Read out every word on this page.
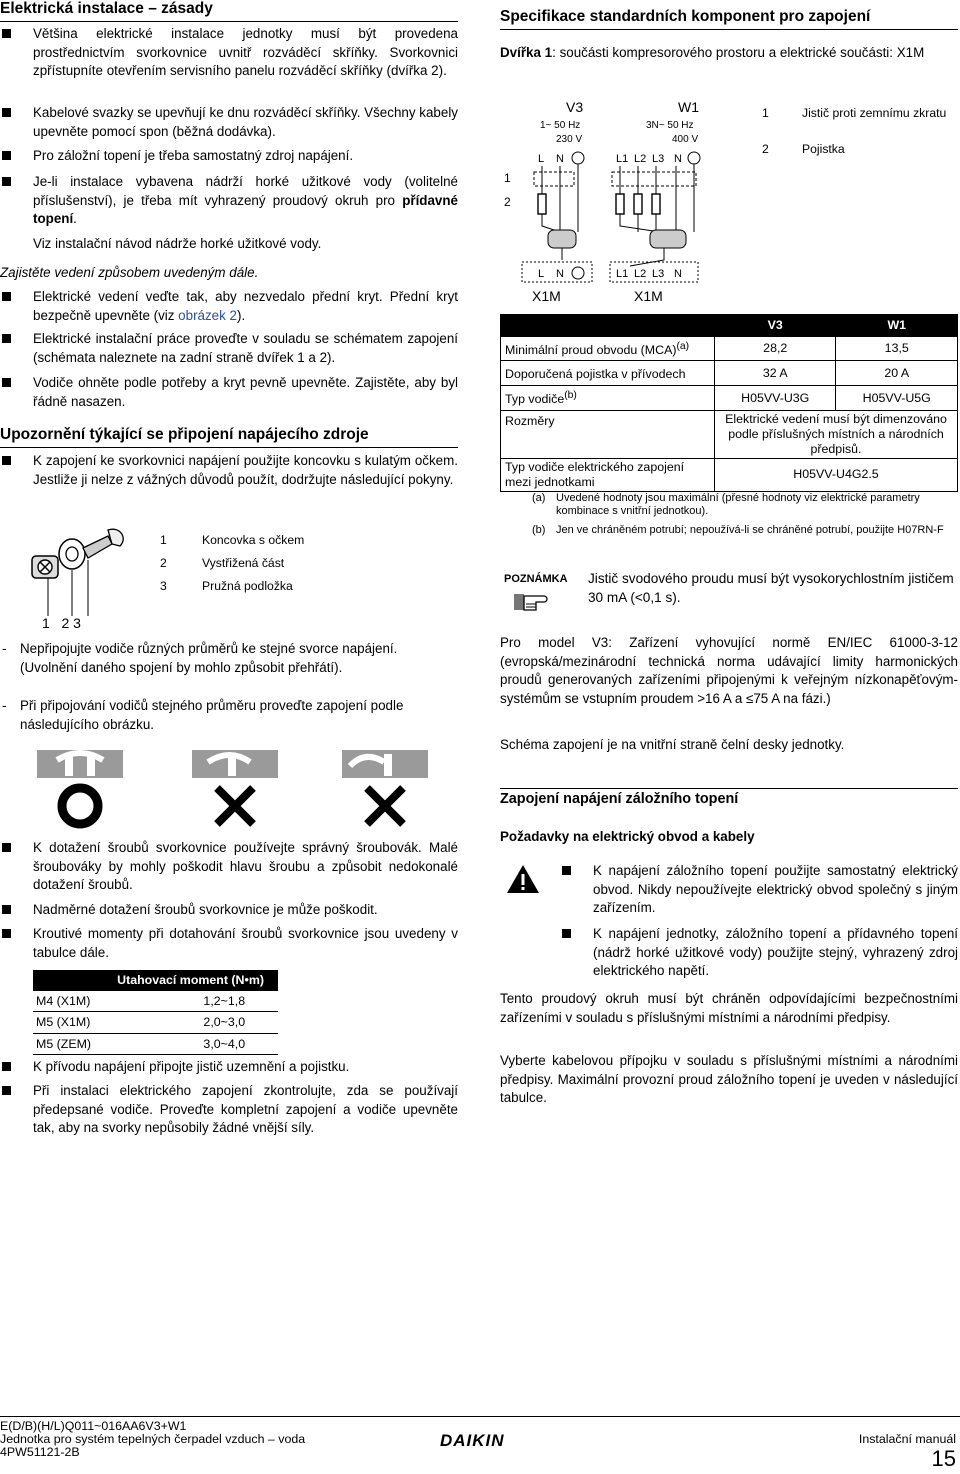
Elektrická instalace – zásady
Většina elektrické instalace jednotky musí být provedena prostřednictvím svorkovnice uvnitř rozváděcí skříňky. Svorkovnici zpřístupníte otevřením servisního panelu rozváděcí skříňky (dvířka 2).
Kabelové svazky se upevňují ke dnu rozváděcí skříňky. Všechny kabely upevněte pomocí spon (běžná dodávka).
Pro záložní topení je třeba samostatný zdroj napájení.
Je-li instalace vybavena nádrží horké užitkové vody (volitelné příslušenství), je třeba mít vyhrazený proudový okruh pro přídavné topení.
Viz instalační návod nádrže horké užitkové vody.
Zajistěte vedení způsobem uvedeným dále.
Elektrické vedení veďte tak, aby nezvedalo přední kryt. Přední kryt bezpečně upevněte (viz obrázek 2).
Elektrické instalační práce proveďte v souladu se schématem zapojení (schémata naleznete na zadní straně dvířek 1 a 2).
Vodiče ohněte podle potřeby a kryt pevně upevněte. Zajistěte, aby byl řádně nasazen.
Upozornění týkající se připojení napájecího zdroje
K zapojení ke svorkovnici napájení použijte koncovku s kulatým očkem. Jestliže ji nelze z vážných důvodů použít, dodržujte následující pokyny.
1   2 3
1	Koncovka s očkem
2	Vystřižená část
3	Pružná podložka
- Nepřipojujte vodiče různých průměrů ke stejné svorce napájení. (Uvolnění daného spojení by mohlo způsobit přehřátí).
- Při připojování vodičů stejného průměru proveďte zapojení podle následujícího obrázku.
K dotažení šroubů svorkovnice používejte správný šroubovák. Malé šroubováky by mohly poškodit hlavu šroubu a způsobit nedokonalé dotažení šroubů.
Nadměrné dotažení šroubů svorkovnice je může poškodit.
Kroutivé momenty při dotahování šroubů svorkovnice jsou uvedeny v tabulce dále.
Utahovací moment (N•m)	
M4 (X1M)	1,2~1,8
M5 (X1M)	2,0~3,0
M5 (ZEM)	3,0~4,0
K přívodu napájení připojte jistič uzemnění a pojistku.
Při instalaci elektrického zapojení zkontrolujte, zda se používají předepsané vodiče. Proveďte kompletní zapojení a vodiče upevněte tak, aby na svorky nepůsobily žádné vnější síly.
Specifikace standardních komponent pro zapojení
Dvířka 1: součásti kompresorového prostoru a elektrické součásti: X1M
V3	W1
1~ 50 Hz
230 V
3N~ 50 Hz
400 V
L N	L1 L2 L3 N
1
2
L N	L1 L2 L3 N
X1M	X1M
1	Jistič proti zemnímu zkratu
2	Pojistka
	V3	W1
Minimální proud obvodu (MCA)$^{(a)}$	28,2	13,5
Doporučená pojistka v přívodech	32 A	20 A
Typ vodiče$^{(b)}$	H05VV-U3G	H05VV-U5G
Rozměry	Elektrické vedení musí být dimenzováno podle příslušných místních a národních předpisů.	
Typ vodiče elektrického zapojení mezi jednotkami	H05VV-U4G2.5	
(a) Uvedené hodnoty jsou maximální (přesné hodnoty viz elektrické parametry kombinace s vnitřní jednotkou).
(b) Jen ve chráněném potrubí; nepoužívá-li se chráněné potrubí, použijte H07RN-F
POZNÁMKA Jistič svodového proudu musí být vysokorychlostním jističem 30 mA (<0,1 s).
Pro model V3: Zařízení vyhovující normě EN/IEC 61000-3-12 (evropská/mezinárodní technická norma udávající limity harmonických proudů generovaných zařízeními připojenými k veřejným nízkonapěťovým- systémům se vstupním proudem >16 A a ≤75 A na fázi.)
Schéma zapojení je na vnitřní straně čelní desky jednotky.
Zapojení napájení záložního topení
Požadavky na elektrický obvod a kabely
K napájení záložního topení použijte samostatný elektrický obvod. Nikdy nepoužívejte elektrický obvod společný s jiným zařízením.
K napájení jednotky, záložního topení a přídavného topení (nádrž horké užitkové vody) použijte stejný, vyhrazený zdroj elektrického napětí.
Tento proudový okruh musí být chráněn odpovídajícími bezpečnostními zařízeními v souladu s příslušnými místními a národními předpisy.
Vyberte kabelovou přípojku v souladu s příslušnými místními a národními předpisy. Maximální provozní proud záložního topení je uveden v následující tabulce.
E(D/B)(H/L)Q011~016AA6V3+W1
Jednotka pro systém tepelných čerpadel vzduch – voda
4PW51121-2B
DAIKIN	Instalační manuál
15
